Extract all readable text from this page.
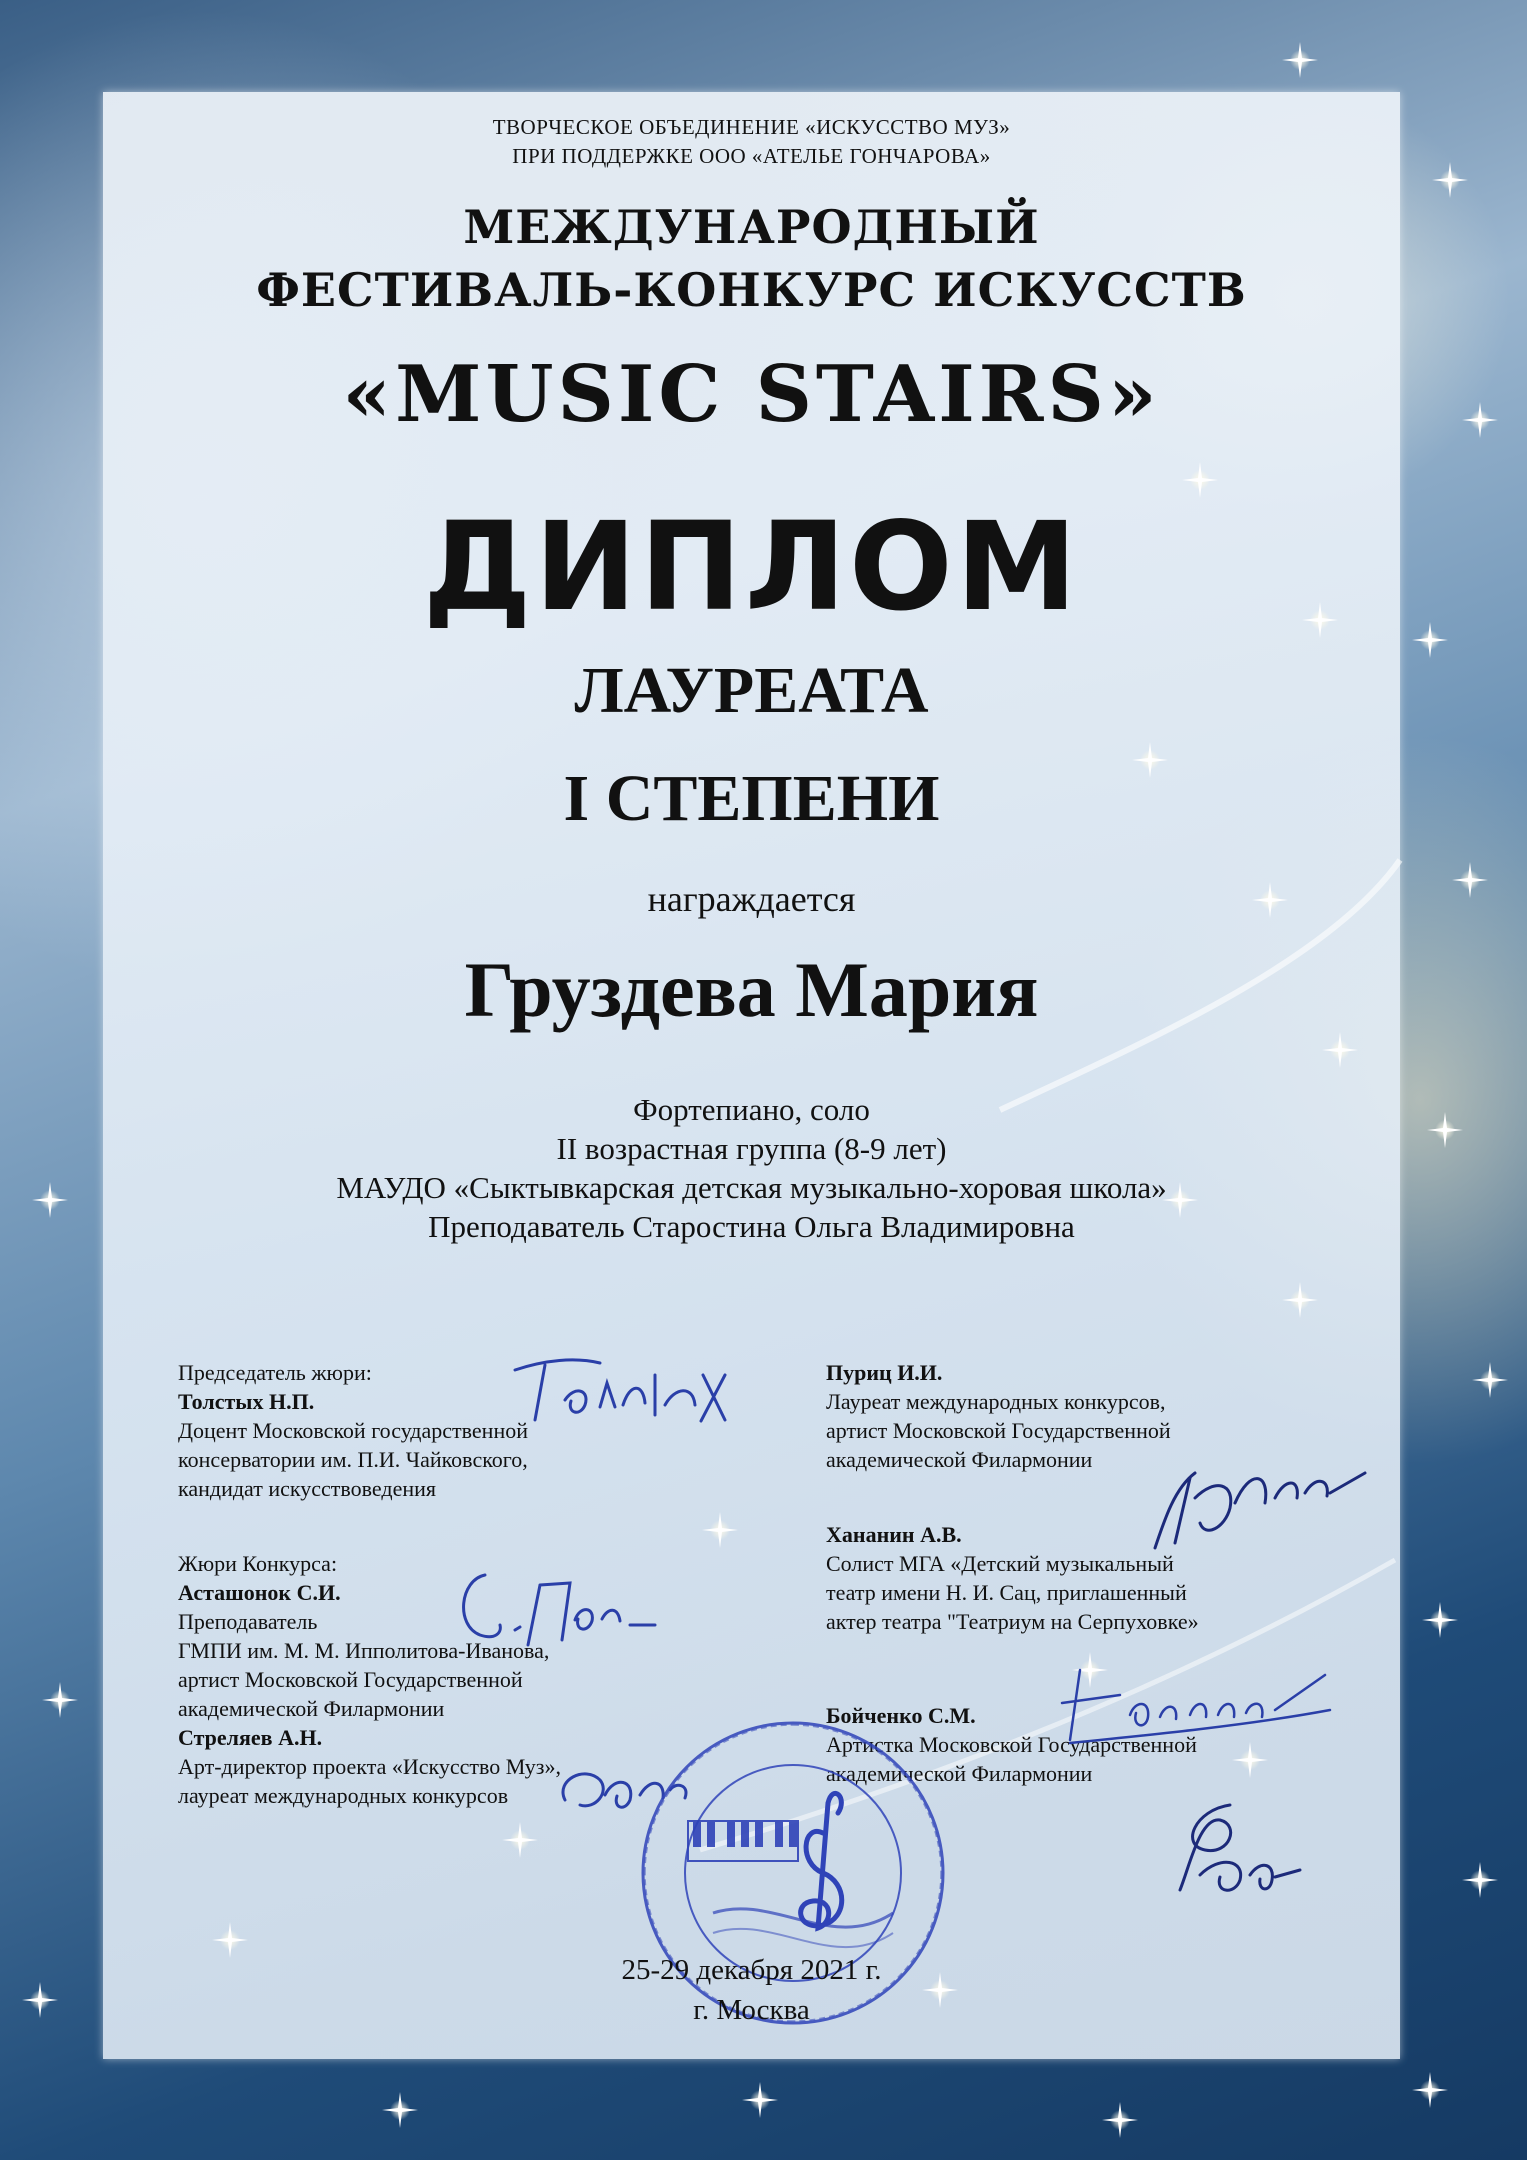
ТВОРЧЕСКОЕ ОБЪЕДИНЕНИЕ «ИСКУССТВО МУЗ»

ПРИ ПОДДЕРЖКЕ ООО «АТЕЛЬЕ ГОНЧАРОВА»

МЕЖДУНАРОДНЫЙ

ФЕСТИВАЛЬ-КОНКУРС ИСКУССТВ

«MUSIC STAIRS»

ДИПЛОМ

ЛАУРЕАТА

I СТЕПЕНИ

награждается

Груздева Мария

Фортепиано, соло

II возрастная группа (8-9 лет)

МАУДО «Сыктывкарская детская музыкально-хоровая школа»

Преподаватель Старостина Ольга Владимировна

Председатель жюри:

Толстых Н.П.

Доцент Московской государственной

консерватории им. П.И. Чайковского,

кандидат искусствоведения

Жюри Конкурса:

Асташонок С.И.

Преподаватель

ГМПИ им. М. М. Ипполитова-Иванова,

артист Московской Государственной

академической Филармонии

Стреляев А.Н.

Арт-директор проекта «Искусство Муз»,

лауреат международных конкурсов

Пуриц И.И.

Лауреат международных конкурсов,

артист Московской Государственной

академической Филармонии

Хананин А.В.

Солист МГА «Детский музыкальный

театр имени Н. И. Сац, приглашенный

актер театра "Театриум на Серпуховке»

Бойченко С.М.

Артистка Московской Государственной

академической Филармонии

25-29 декабря 2021 г.

г. Москва
